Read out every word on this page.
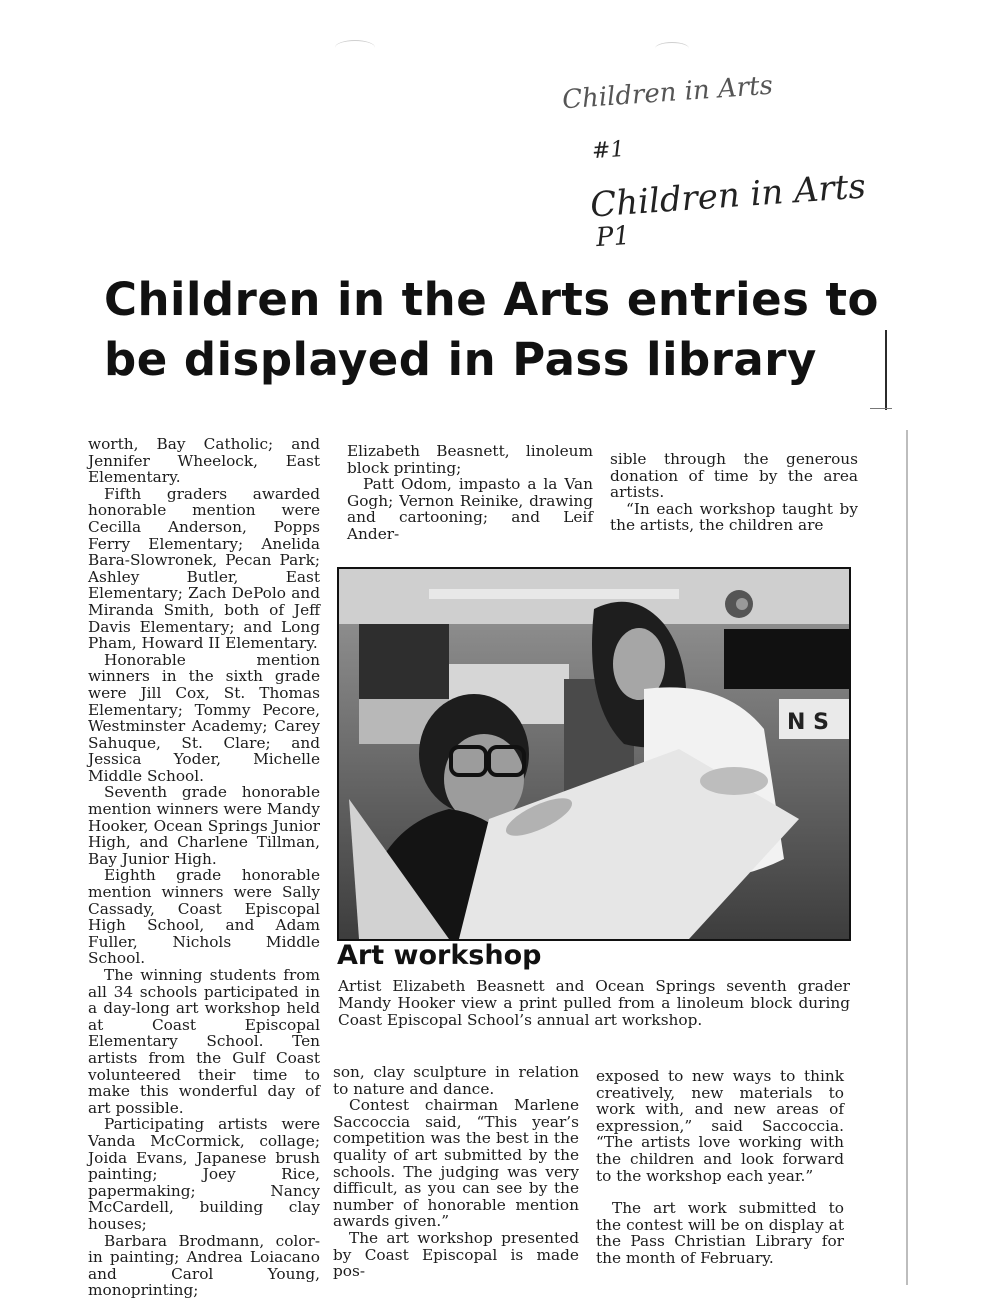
Children in Arts
#1
Children in Arts
P1
Children in the Arts entries to
be displayed in Pass library

worth, Bay Catholic; and Jennifer Wheelock, East Elementary.

Fifth graders awarded honorable mention were Cecilla Anderson, Popps Ferry Elementary; Anelida Bara-Slowronek, Pecan Park; Ashley Butler, East Elementary; Zach DePolo and Miranda Smith, both of Jeff Davis Elementary; and Long Pham, Howard II Elementary.

Honorable mention winners in the sixth grade were Jill Cox, St. Thomas Elementary; Tommy Pecore, Westminster Academy; Carey Sahuque, St. Clare; and Jessica Yoder, Michelle Middle School.

Seventh grade honorable mention winners were Mandy Hooker, Ocean Springs Junior High, and Charlene Tillman, Bay Junior High.

Eighth grade honorable mention winners were Sally Cassady, Coast Episcopal High School, and Adam Fuller, Nichols Middle School.

The winning students from all 34 schools participated in a day-long art workshop held at Coast Episcopal Elementary School. Ten artists from the Gulf Coast volunteered their time to make this wonderful day of art possible.

Participating artists were Vanda McCormick, collage; Joida Evans, Japanese brush painting; Joey Rice, papermaking; Nancy McCardell, building clay houses;

Barbara Brodmann, color-in painting; Andrea Loiacano and Carol Young, monoprinting;

Elizabeth Beasnett, linoleum block printing;

Patt Odom, impasto a la Van Gogh; Vernon Reinike, drawing and cartooning; and Leif Ander-

sible through the generous donation of time by the area artists.

“In each workshop taught by the artists, the children are

N S
Art workshop
Artist Elizabeth Beasnett and Ocean Springs seventh grader Mandy Hooker view a print pulled from a linoleum block during Coast Episcopal School’s annual art workshop.

son, clay sculpture in relation to nature and dance.

Contest chairman Marlene Saccoccia said, “This year’s competition was the best in the quality of art submitted by the schools. The judging was very difficult, as you can see by the number of honorable mention awards given.”

The art workshop presented by Coast Episcopal is made pos-

exposed to new ways to think creatively, new materials to work with, and new areas of expression,” said Saccoccia. “The artists love working with the children and look forward to the workshop each year.”

The art work submitted to the contest will be on display at the Pass Christian Library for the month of February.
